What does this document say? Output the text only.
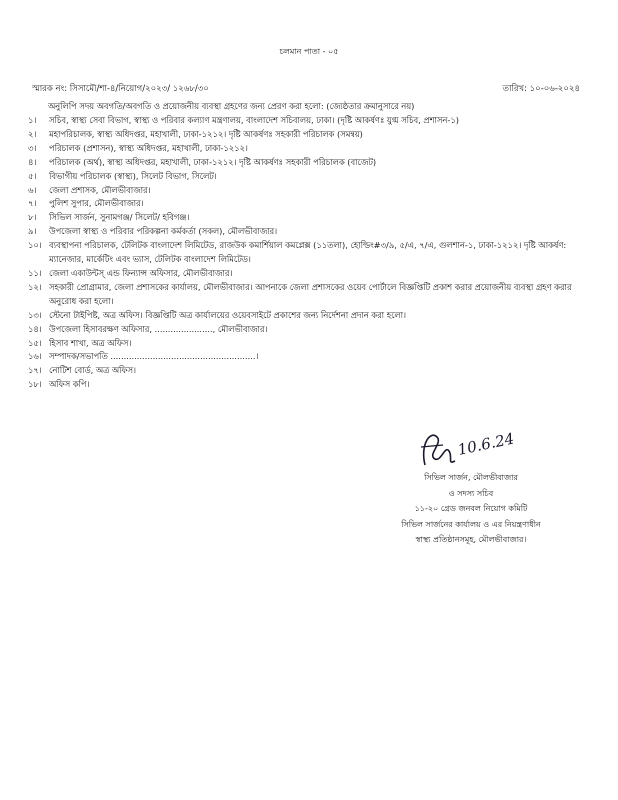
চলমান পাতা - ০৫
স্মারক নং: সিসামৌ/শা-৪/নিয়োগ/২০২৩/ ১২৬৮/৩০	তারিখ: ১০-০৬-২০২৪
অনুলিপি সদয় অবগতি/অবগতি ও প্রয়োজনীয় ব্যবস্থা গ্রহণের জন্য প্রেরণ করা হলো: (জ্যেষ্ঠতার ক্রমানুসারে নয়)
১।	সচিব, স্বাস্থ্য সেবা বিভাগ, স্বাস্থ্য ও পরিবার কল্যাণ মন্ত্রণালয়, বাংলাদেশ সচিবালয়, ঢাকা। (দৃষ্টি আকর্ষণঃ যুগ্ম সচিব, প্রশাসন-১)
২।	মহাপরিচালক, স্বাস্থ্য অধিদপ্তর, মহাখালী, ঢাকা-১২১২। দৃষ্টি আকর্ষণঃ সহকারী পরিচালক (সমন্বয়)
৩।	পরিচালক (প্রশাসন), স্বাস্থ্য অধিদপ্তর, মহাখালী, ঢাকা-১২১২।
৪।	পরিচালক (অর্থ), স্বাস্থ্য অধিদপ্তর, মহাখালী, ঢাকা-১২১২। দৃষ্টি আকর্ষণঃ সহকারী পরিচালক (বাজেট)
৫।	বিভাগীয় পরিচালক (স্বাস্থ্য), সিলেট বিভাগ, সিলেট।
৬।	জেলা প্রশাসক, মৌলভীবাজার।
৭।	পুলিশ সুপার, মৌলভীবাজার।
৮।	সিভিল সার্জন, সুনামগঞ্জ/ সিলেট/ হবিগঞ্জ।
৯।	উপজেলা স্বাস্থ্য ও পরিবার পরিকল্পনা কর্মকর্তা (সকল), মৌলভীবাজার।
১০। ব্যবস্থাপনা পরিচালক, টেলিটক বাংলাদেশ লিমিটেড, রাজউক কমার্শিয়াল কমপ্লেক্স (১১তলা), হোল্ডিং#৩/৯, ৫/এ, ৭/এ, গুলশান-১, ঢাকা-১২১২। দৃষ্টি আকর্ষণ: ম্যানেজার, মার্কেটিং এবং ভ্যাস, টেলিটক বাংলাদেশ লিমিটেড।
১১। জেলা একাউন্টস্ এন্ড ফিন্যান্স অফিসার, মৌলভীবাজার।
১২। সহকারী প্রোগ্রামার, জেলা প্রশাসকের কার্যালয়, মৌলভীবাজার। আপনাকে জেলা প্রশাসকের ওয়েব পোর্টালে বিজ্ঞপ্তিটি প্রকাশ করার প্রয়োজনীয় ব্যবস্থা গ্রহণ করার অনুরোধ করা হলো।
১৩। স্টেনো টাইপিষ্ট, অত্র অফিস। বিজ্ঞপ্তিটি অত্র কার্যালয়ের ওয়েবসাইটে প্রকাশের জন্য নির্দেশনা প্রদান করা হলো।
১৪। উপজেলা হিসাবরক্ষণ অফিসার, ......................, মৌলভীবাজার।
১৫। হিসাব শাখা, অত্র অফিস।
১৬। সম্পাদক/সভাপতি .......................................................।
১৭। নোটিশ বোর্ড, অত্র অফিস।
১৮। অফিস কপি।
10.6.24
সিভিল সার্জন, মৌলভীবাজার
ও সদস্য সচিব
১১-২০ গ্রেড জনবল নিয়োগ কমিটি
সিভিল সার্জনের কার্যালয় ও এর নিয়ন্ত্রণাধীন
স্বাস্থ্য প্রতিষ্ঠানসমূহ, মৌলভীবাজার।
